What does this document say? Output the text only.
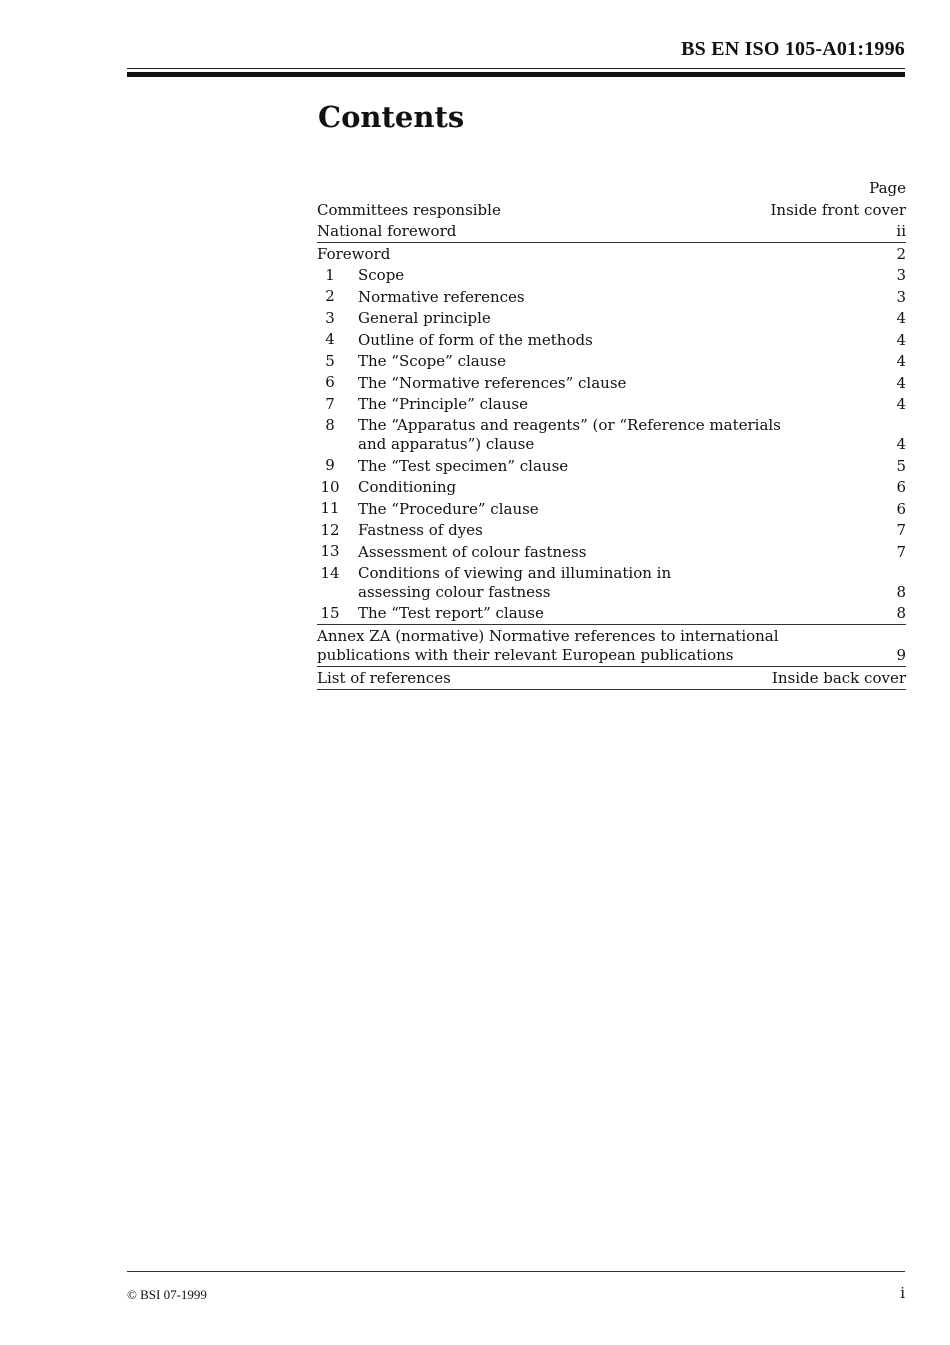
BS EN ISO 105-A01:1996
Contents
Page
Committees responsible	Inside front cover
National foreword	ii
Foreword	2
1	Scope	3
2	Normative references	3
3	General principle	4
4	Outline of form of the methods	4
5	The “Scope” clause	4
6	The “Normative references” clause	4
7	The “Principle” clause	4
8	The “Apparatus and reagents” (or “Reference materials
and apparatus”) clause	4
9	The “Test specimen” clause	5
10 Conditioning	6
11 The “Procedure” clause	6
12 Fastness of dyes	7
13 Assessment of colour fastness	7
14 Conditions of viewing and illumination in
assessing colour fastness	8
15 The “Test report” clause	8
Annex ZA (normative) Normative references to international
publications with their relevant European publications	9
List of references	Inside back cover
© BSI 07-1999	i
